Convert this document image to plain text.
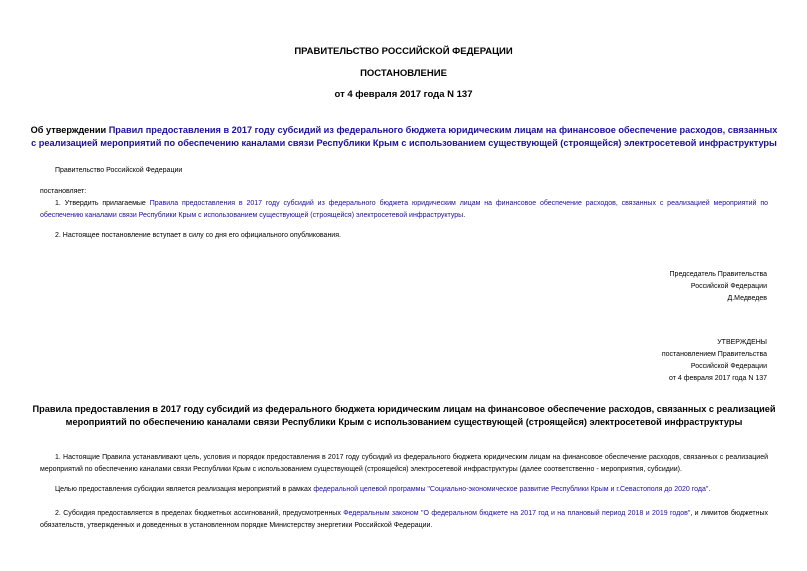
ПРАВИТЕЛЬСТВО РОССИЙСКОЙ ФЕДЕРАЦИИ
ПОСТАНОВЛЕНИЕ
от 4 февраля 2017 года N 137
Об утверждении Правил предоставления в 2017 году субсидий из федерального бюджета юридическим лицам на финансовое обеспечение расходов, связанных с реализацией мероприятий по обеспечению каналами связи Республики Крым с использованием существующей (строящейся) электросетевой инфраструктуры
Правительство Российской Федерации
постановляет:
1. Утвердить прилагаемые Правила предоставления в 2017 году субсидий из федерального бюджета юридическим лицам на финансовое обеспечение расходов, связанных с реализацией мероприятий по обеспечению каналами связи Республики Крым с использованием существующей (строящейся) электросетевой инфраструктуры.
2. Настоящее постановление вступает в силу со дня его официального опубликования.

Председатель Правительства

Российской Федерации

Д.Медведев

УТВЕРЖДЕНЫ

постановлением Правительства

Российской Федерации

от 4 февраля 2017 года N 137

Правила предоставления в 2017 году субсидий из федерального бюджета юридическим лицам на финансовое обеспечение расходов, связанных с реализацией мероприятий по обеспечению каналами связи Республики Крым с использованием существующей (строящейся) электросетевой инфраструктуры
1. Настоящие Правила устанавливают цель, условия и порядок предоставления в 2017 году субсидий из федерального бюджета юридическим лицам на финансовое обеспечение расходов, связанных с реализацией мероприятий по обеспечению каналами связи Республики Крым с использованием существующей (строящейся) электросетевой инфраструктуры (далее соответственно - мероприятия, субсидии).
Целью предоставления субсидии является реализация мероприятий в рамках федеральной целевой программы "Социально-экономическое развитие Республики Крым и г.Севастополя до 2020 года".
2. Субсидия предоставляется в пределах бюджетных ассигнований, предусмотренных Федеральным законом "О федеральном бюджете на 2017 год и на плановый период 2018 и 2019 годов", и лимитов бюджетных обязательств, утвержденных и доведенных в установленном порядке Министерству энергетики Российской Федерации.
